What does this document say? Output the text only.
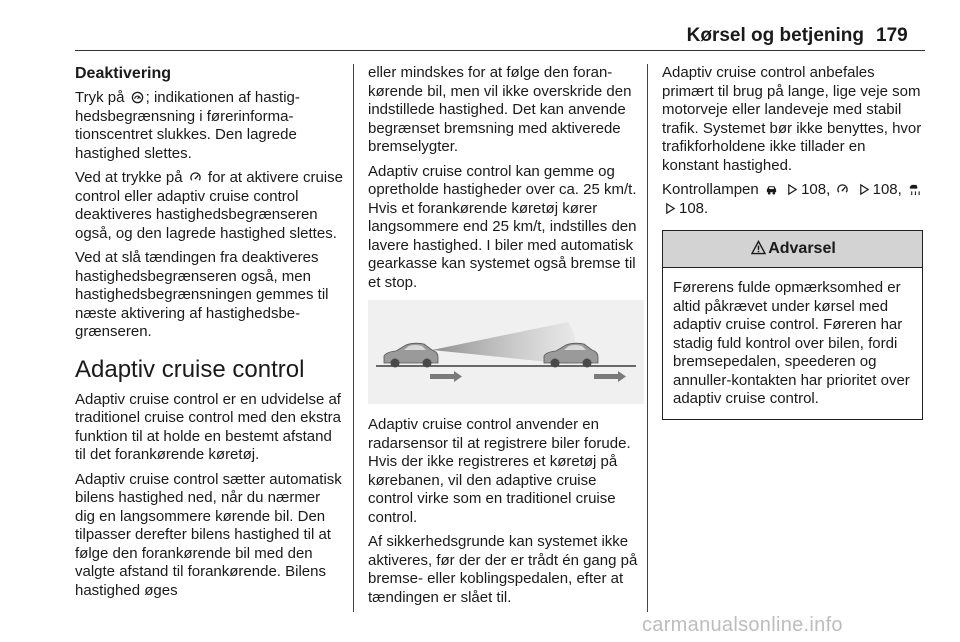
Kørsel og betjening 179
Deaktivering

Tryk på ; indikationen af hastighedsbegrænsning i førerinformationscentret slukkes. Den lagrede hastighed slettes.

Ved at trykke på for at aktivere cruise control eller adaptiv cruise control deaktiveres hastighedsbegrænseren også, og den lagrede hastighed slettes.

Ved at slå tændingen fra deaktiveres hastighedsbegrænseren også, men hastighedsbegrænsningen gemmes til næste aktivering af hastighedsbegrænseren.

Adaptiv cruise control

Adaptiv cruise control er en udvidelse af traditionel cruise control med den ekstra funktion til at holde en bestemt afstand til det forankørende køretøj.

Adaptiv cruise control sætter automatisk bilens hastighed ned, når du nærmer dig en langsommere kørende bil. Den tilpasser derefter bilens hastighed til at følge den forankørende bil med den valgte afstand til forankørende. Bilens hastighed øges

eller mindskes for at følge den forankørende bil, men vil ikke overskride den indstillede hastighed. Det kan anvende begrænset bremsning med aktiverede bremselygter.

Adaptiv cruise control kan gemme og opretholde hastigheder over ca. 25 km/t. Hvis et forankørende køretøj kører langsommere end 25 km/t, indstilles den lavere hastighed. I biler med automatisk gearkasse kan systemet også bremse til et stop.

Adaptiv cruise control anvender en radarsensor til at registrere biler forude. Hvis der ikke registreres et køretøj på kørebanen, vil den adaptive cruise control virke som en traditionel cruise control.

Af sikkerhedsgrunde kan systemet ikke aktiveres, før der der er trådt én gang på bremse- eller koblingspedalen, efter at tændingen er slået til.

Adaptiv cruise control anbefales primært til brug på lange, lige veje som motorveje eller landeveje med stabil trafik. Systemet bør ikke benyttes, hvor trafikforholdene ikke tillader en konstant hastighed.

Kontrollampen
	108,
	108,

108.

Advarsel
Førerens fulde opmærksomhed er altid påkrævet under kørsel med adaptiv cruise control. Føreren har stadig fuld kontrol over bilen, fordi bremsepedalen, speederen og annuller-kontakten har prioritet over adaptiv cruise control.
carmanualsonline.info
